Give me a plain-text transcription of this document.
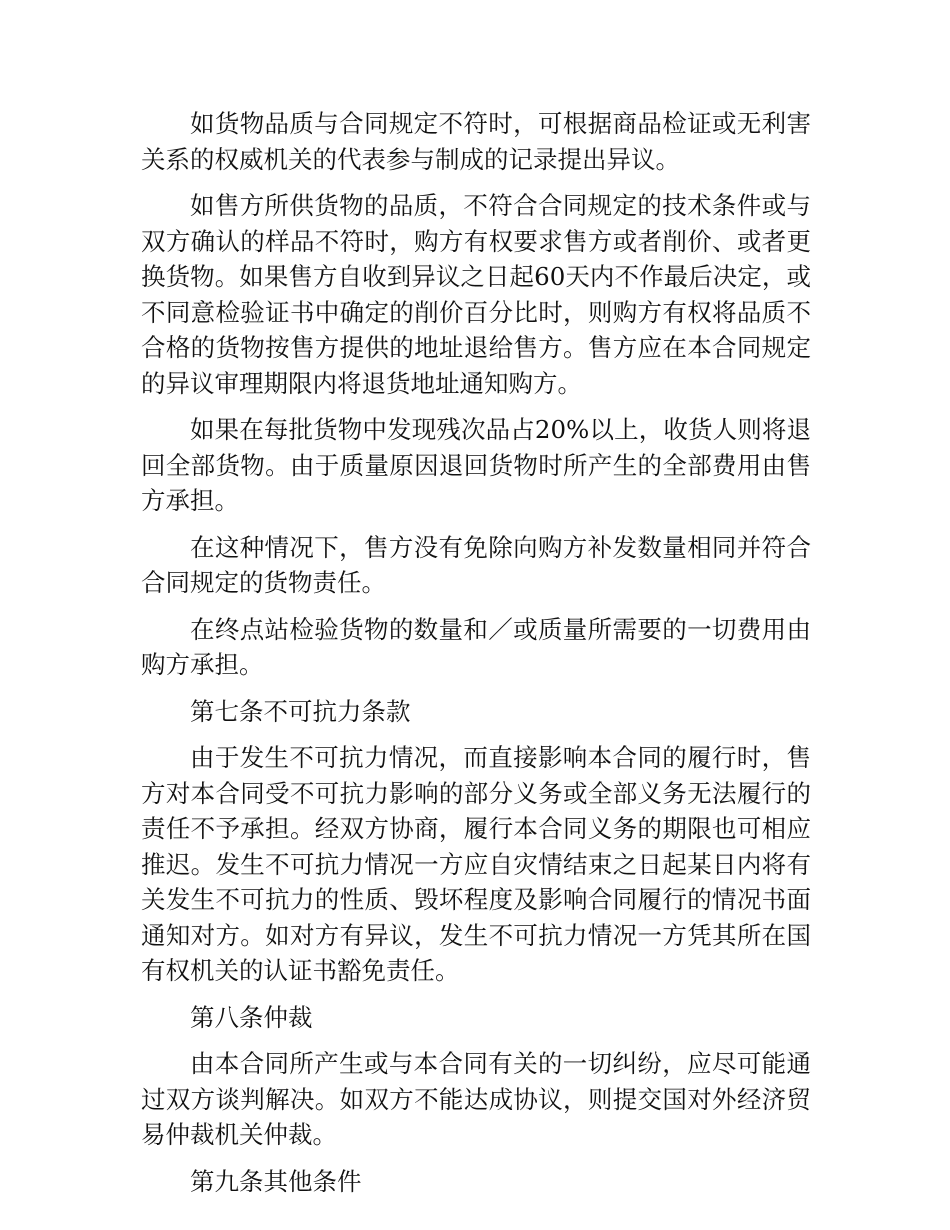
如货物品质与合同规定不符时，可根据商品检证或无利害关系的权威机关的代表参与制成的记录提出异议。

如售方所供货物的品质，不符合合同规定的技术条件或与双方确认的样品不符时，购方有权要求售方或者削价、或者更换货物。如果售方自收到异议之日起60天内不作最后决定，或不同意检验证书中确定的削价百分比时，则购方有权将品质不合格的货物按售方提供的地址退给售方。售方应在本合同规定的异议审理期限内将退货地址通知购方。

如果在每批货物中发现残次品占20%以上，收货人则将退回全部货物。由于质量原因退回货物时所产生的全部费用由售方承担。

在这种情况下，售方没有免除向购方补发数量相同并符合合同规定的货物责任。

在终点站检验货物的数量和／或质量所需要的一切费用由购方承担。

第七条不可抗力条款

由于发生不可抗力情况，而直接影响本合同的履行时，售方对本合同受不可抗力影响的部分义务或全部义务无法履行的责任不予承担。经双方协商，履行本合同义务的期限也可相应推迟。发生不可抗力情况一方应自灾情结束之日起某日内将有关发生不可抗力的性质、毁坏程度及影响合同履行的情况书面通知对方。如对方有异议，发生不可抗力情况一方凭其所在国有权机关的认证书豁免责任。

第八条仲裁

由本合同所产生或与本合同有关的一切纠纷，应尽可能通过双方谈判解决。如双方不能达成协议，则提交国对外经济贸易仲裁机关仲裁。

第九条其他条件
